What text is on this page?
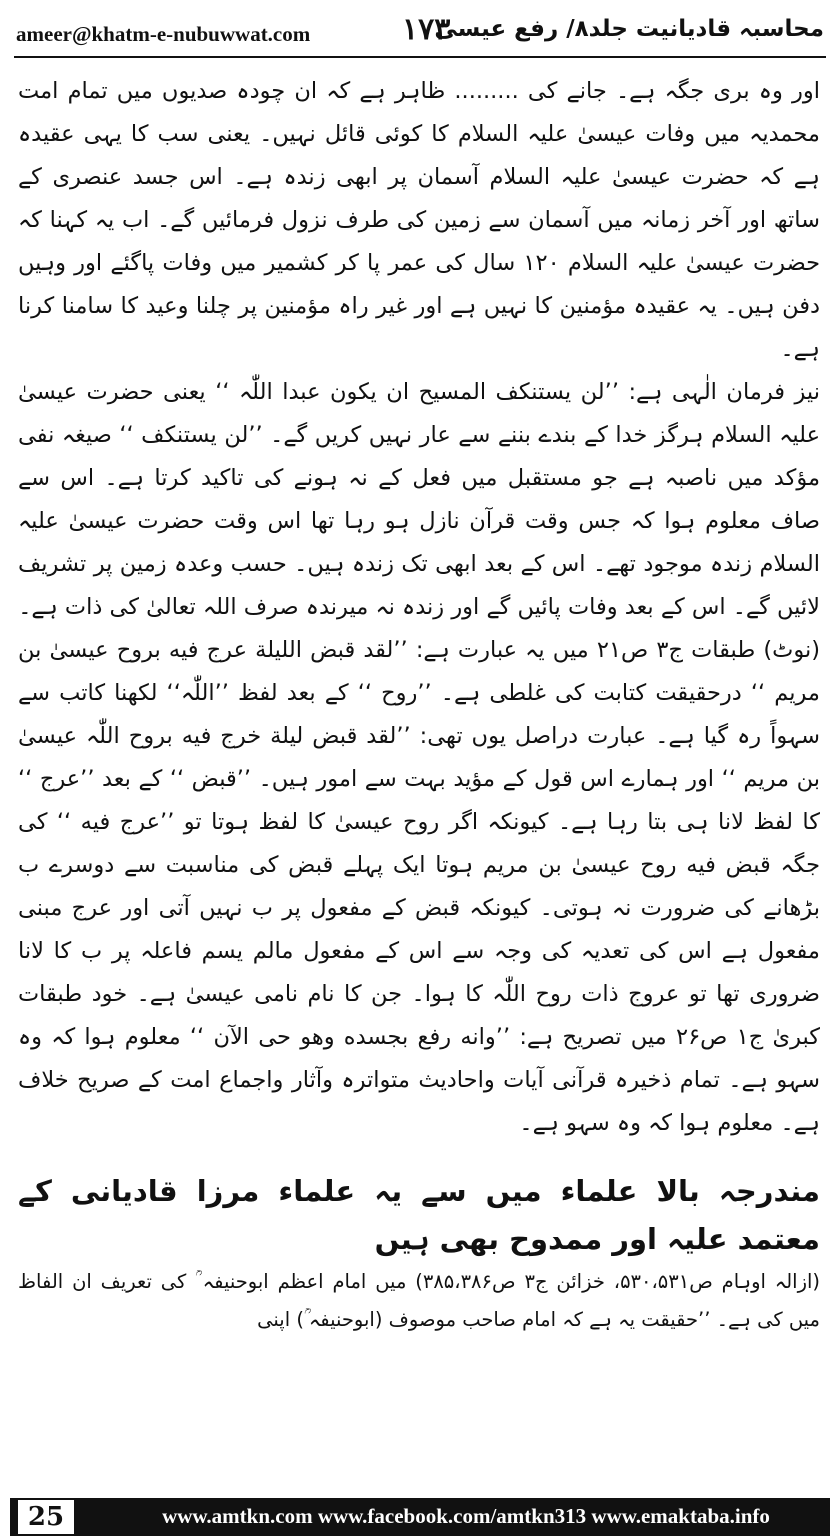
ameer@khatm-e-nubuwwat.com	۱۷۳
محاسبہ قادیانیت جلد۸/ رفع عیسیٰ

اور وہ بری جگہ ہے۔ جانے کی ......... ظاہر ہے کہ ان چودہ صدیوں میں تمام امت محمدیہ میں وفات عیسیٰ علیہ السلام کا کوئی قائل نہیں۔ یعنی سب کا یہی عقیدہ ہے کہ حضرت عیسیٰ علیہ السلام آسمان پر ابھی زندہ ہے۔ اس جسد عنصری کے ساتھ اور آخر زمانہ میں آسمان سے زمین کی طرف نزول فرمائیں گے۔ اب یہ کہنا کہ حضرت عیسیٰ علیہ السلام ۱۲۰ سال کی عمر پا کر کشمیر میں وفات پاگئے اور وہیں دفن ہیں۔ یہ عقیدہ مؤمنین کا نہیں ہے اور غیر راہ مؤمنین پر چلنا وعید کا سامنا کرنا ہے۔

نیز فرمان الٰہی ہے: ’’لن یستنکف المسیح ان یکون عبدا اللّٰہ ‘‘ یعنی حضرت عیسیٰ علیہ السلام ہرگز خدا کے بندے بننے سے عار نہیں کریں گے۔ ’’لن یستنکف ‘‘ صیغہ نفی مؤکد میں ناصبہ ہے جو مستقبل میں فعل کے نہ ہونے کی تاکید کرتا ہے۔ اس سے صاف معلوم ہوا کہ جس وقت قرآن نازل ہو رہا تھا اس وقت حضرت عیسیٰ علیہ السلام زندہ موجود تھے۔ اس کے بعد ابھی تک زندہ ہیں۔ حسب وعدہ زمین پر تشریف لائیں گے۔ اس کے بعد وفات پائیں گے اور زندہ نہ میرندہ صرف اللہ تعالیٰ کی ذات ہے۔

(نوٹ) طبقات ج۳ ص۲۱ میں یہ عبارت ہے: ’’لقد قبض اللیلة عرج فیه بروح عیسیٰ بن مریم ‘‘ درحقیقت کتابت کی غلطی ہے۔ ’’روح ‘‘ کے بعد لفظ ’’اللّٰہ‘‘ لکھنا کاتب سے سہواً رہ گیا ہے۔ عبارت دراصل یوں تھی: ’’لقد قبض لیلة خرج فیه بروح اللّٰہ عیسیٰ بن مریم ‘‘ اور ہمارے اس قول کے مؤید بہت سے امور ہیں۔ ’’قبض ‘‘ کے بعد ’’عرج ‘‘ کا لفظ لانا ہی بتا رہا ہے۔ کیونکہ اگر روح عیسیٰ کا لفظ ہوتا تو ’’عرج فیه ‘‘ کی جگہ قبض فیه روح عیسیٰ بن مریم ہوتا ایک پہلے قبض کی مناسبت سے دوسرے ب بڑھانے کی ضرورت نہ ہوتی۔ کیونکہ قبض کے مفعول پر ب نہیں آتی اور عرج مبنی مفعول ہے اس کی تعدیہ کی وجہ سے اس کے مفعول مالم یسم فاعلہ پر ب کا لانا ضروری تھا تو عروج ذات روح اللّٰہ کا ہوا۔ جن کا نام نامی عیسیٰ ہے۔ خود طبقات کبریٰ ج۱ ص۲۶ میں تصریح ہے: ’’وانه رفع بجسده وهو حی الآن ‘‘ معلوم ہوا کہ وہ سہو ہے۔ تمام ذخیرہ قرآنی آیات واحادیث متواترہ وآثار واجماع امت کے صریح خلاف ہے۔ معلوم ہوا کہ وہ سہو ہے۔

مندرجہ بالا علماء میں سے یہ علماء مرزا قادیانی کے معتمد علیہ اور ممدوح بھی ہیں

(ازالہ اوہام ص۵۳۰،۵۳۱، خزائن ج۳ ص۳۸۵،۳۸۶) میں امام اعظم ابوحنیفہ ؒ کی تعریف ان الفاظ میں کی ہے۔ ’’حقیقت یہ ہے کہ امام صاحب موصوف (ابوحنیفہ ؒ) اپنی

25	www.amtkn.com www.facebook.com/amtkn313 www.emaktaba.info
